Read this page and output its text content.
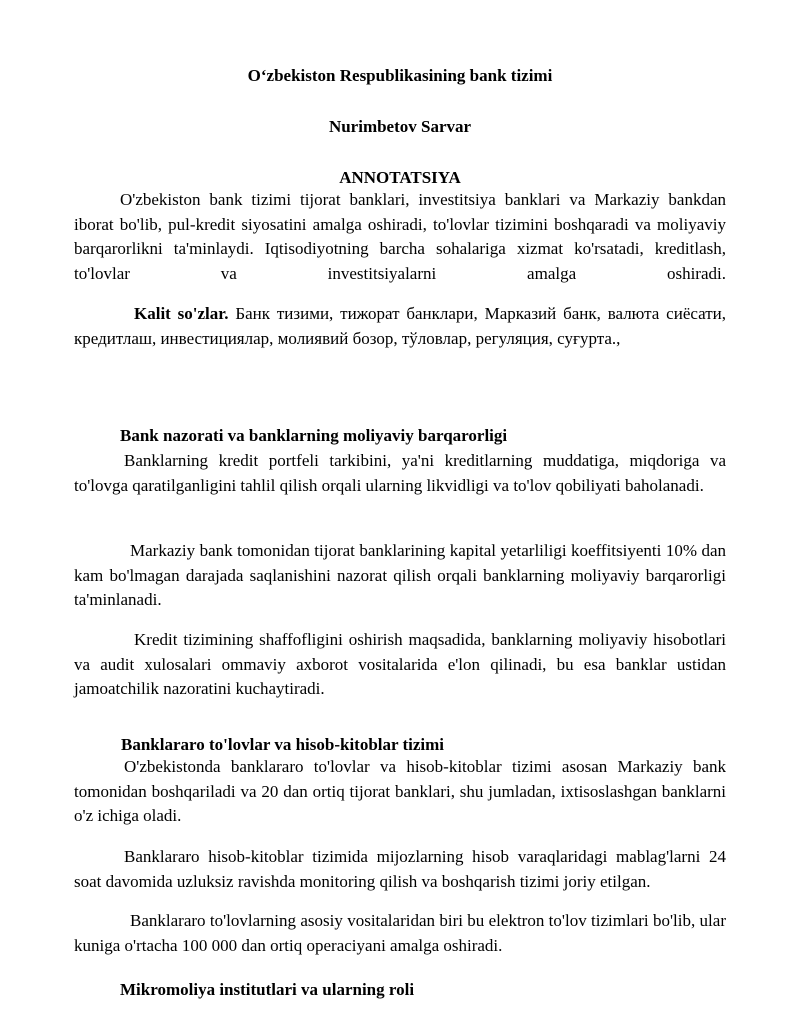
Oʻzbekiston Respublikasining bank tizimi

Nurimbetov Sarvar

ANNOTATSIYA

O'zbekiston bank tizimi tijorat banklari, investitsiya banklari va Markaziy bankdan iborat bo'lib, pul-kredit siyosatini amalga oshiradi, to'lovlar tizimini boshqaradi va moliyaviy barqarorlikni ta'minlaydi. Iqtisodiyotning barcha sohalariga xizmat ko'rsatadi, kreditlash, to'lovlar va investitsiyalarni amalga oshiradi.

Kalit so'zlar. Банк тизими, тижорат банклари, Марказий банк, валюта сиёсати, кредитлаш, инвестициялар, молиявий бозор, тўловлар, регуляция, суғурта.,

Bank nazorati va banklarning moliyaviy barqarorligi

Banklarning kredit portfeli tarkibini, ya'ni kreditlarning muddatiga, miqdoriga va to'lovga qaratilganligini tahlil qilish orqali ularning likvidligi va to'lov qobiliyati baholanadi.

Markaziy bank tomonidan tijorat banklarining kapital yetarliligi koeffitsiyenti 10% dan kam bo'lmagan darajada saqlanishini nazorat qilish orqali banklarning moliyaviy barqarorligi ta'minlanadi.

Kredit tizimining shaffofligini oshirish maqsadida, banklarning moliyaviy hisobotlari va audit xulosalari ommaviy axborot vositalarida e'lon qilinadi, bu esa banklar ustidan jamoatchilik nazoratini kuchaytiradi.

Banklararo to'lovlar va hisob-kitoblar tizimi

O'zbekistonda banklararo to'lovlar va hisob-kitoblar tizimi asosan Markaziy bank tomonidan boshqariladi va 20 dan ortiq tijorat banklari, shu jumladan, ixtisoslashgan banklarni o'z ichiga oladi.

Banklararo hisob-kitoblar tizimida mijozlarning hisob varaqlaridagi mablag'larni 24 soat davomida uzluksiz ravishda monitoring qilish va boshqarish tizimi joriy etilgan.

Banklararo to'lovlarning asosiy vositalaridan biri bu elektron to'lov tizimlari bo'lib, ular kuniga o'rtacha 100 000 dan ortiq operaciyani amalga oshiradi.

Mikromoliya institutlari va ularning roli
